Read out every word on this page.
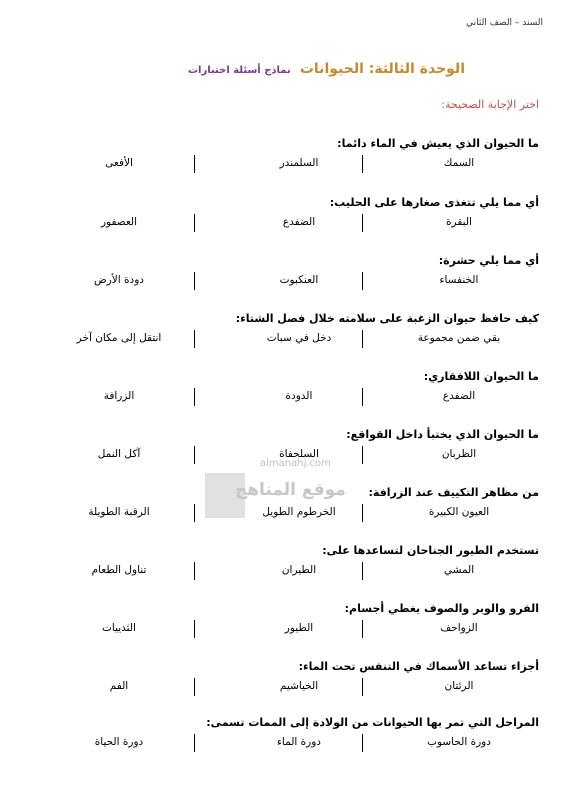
السند – الصف الثاني
الوحدة الثالثة: الحيوانات نماذج أسئلة اختبارات
اختر الإجابة الصحيحة:
ما الحيوان الذي يعيش في الماء دائما:
السمك
السلمندر
الأفعى
أي مما يلي تتغذى صغارها على الحليب:
البقرة
الضفدع
العصفور
أي مما يلي حشرة:
الخنفساء
العنكبوت
دودة الأرض
كيف حافظ حيوان الزغبة على سلامته خلال فصل الشتاء:
بقي ضمن مجموعة
دخل في سبات
انتقل إلى مكان آخر
ما الحيوان اللافقاري:
الضفدع
الدودة
الزرافة
ما الحيوان الذي يختبأ داخل القواقع:
الظربان
السلحفاة
آكل النمل
من مظاهر التكييف عند الزرافة:
العيون الكبيرة
الخرطوم الطويل
الرقبة الطويلة
تستخدم الطيور الجناحان لتساعدها على:
المشي
الطيران
تناول الطعام
الفرو والوبر والصوف يغطي أجسام:
الزواحف
الطيور
الثدييات
أجزاء تساعد الأسماك في التنفس تحت الماء:
الرئتان
الخياشيم
الفم
المراحل التي تمر بها الحيوانات من الولادة إلى الممات تسمى:
دورة الحاسوب
دورة الماء
دورة الحياة
almanahj.com
موقع المناهج
